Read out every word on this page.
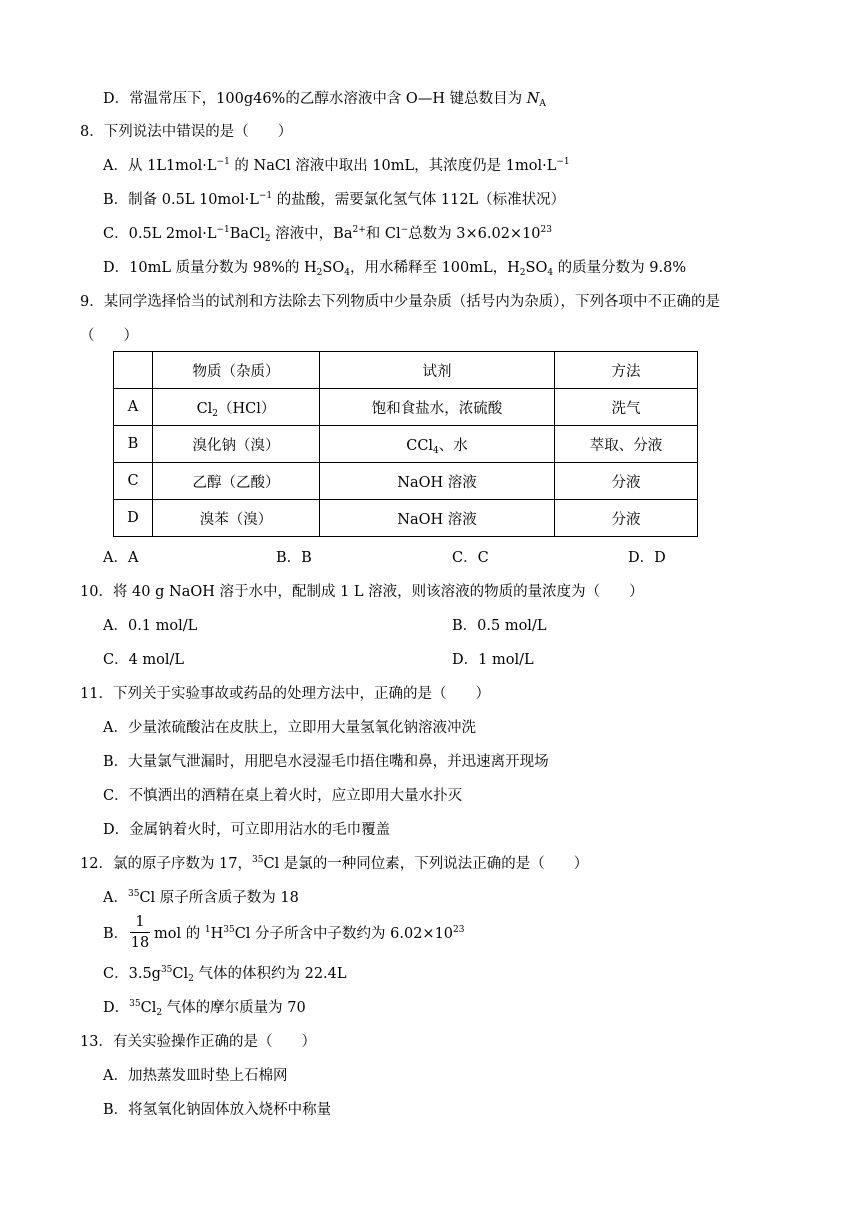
D．常温常压下，100g46%的乙醇水溶液中含 O—H 键总数目为 $N_A$
8．下列说法中错误的是（　　）
A．从 $1L1mol\cdot L^{-1}$ 的 NaCl 溶液中取出 10mL，其浓度仍是 $1mol\cdot L^{-1}$
B．制备 0.5L $10mol\cdot L^{-1}$ 的盐酸，需要氯化氢气体 112L（标准状况）
C．0.5L $2mol\cdot L^{-1}BaCl_2$ 溶液中，$Ba^{2+}$和 Cl−总数为 $3\times 6.02\times 10^{23}$
D．10mL 质量分数为 98%的 $H_2SO_4$，用水稀释至 100mL，$H_2SO_4$ 的质量分数为 9.8%
9．某同学选择恰当的试剂和方法除去下列物质中少量杂质（括号内为杂质），下列各项中不正确的是
（　　）
	物质（杂质）	试剂	方法
A	$Cl_2(HCl)$	饱和食盐水，浓硫酸	洗气
B	溴化钠（溴）	CCl$_4$、水	萃取、分液
C	乙醇（乙酸）	NaOH 溶液	分液
D	溴苯（溴）	NaOH 溶液	分液
A．A	B．B	C．C	D．D
10．将 40 g NaOH 溶于水中，配制成 1 L 溶液，则该溶液的物质的量浓度为（　　）
A．0.1 mol/L	B．0.5 mol/L
C．4 mol/L	D．1 mol/L
11．下列关于实验事故或药品的处理方法中，正确的是（　　）
A．少量浓硫酸沾在皮肤上，立即用大量氢氧化钠溶液冲洗
B．大量氯气泄漏时，用肥皂水浸湿毛巾捂住嘴和鼻，并迅速离开现场
C．不慎洒出的酒精在桌上着火时，应立即用大量水扑灭
D．金属钠着火时，可立即用沾水的毛巾覆盖
12．氯的原子序数为 17，$^{35}$Cl 是氯的一种同位素，下列说法正确的是（　　）
A．$^{35}$Cl 原子所含质子数为 18
B． $\frac{1}{18}$ mol 的 $^1H^{35}Cl$ 分子所含中子数约为 $6.02\times 10^{23}$
C．$3.5g^{35}Cl_2$ 气体的体积约为 22.4L
D．$^{35}Cl_2$ 气体的摩尔质量为 70
13．有关实验操作正确的是（　　）
A．加热蒸发皿时垫上石棉网
B．将氢氧化钠固体放入烧杯中称量
